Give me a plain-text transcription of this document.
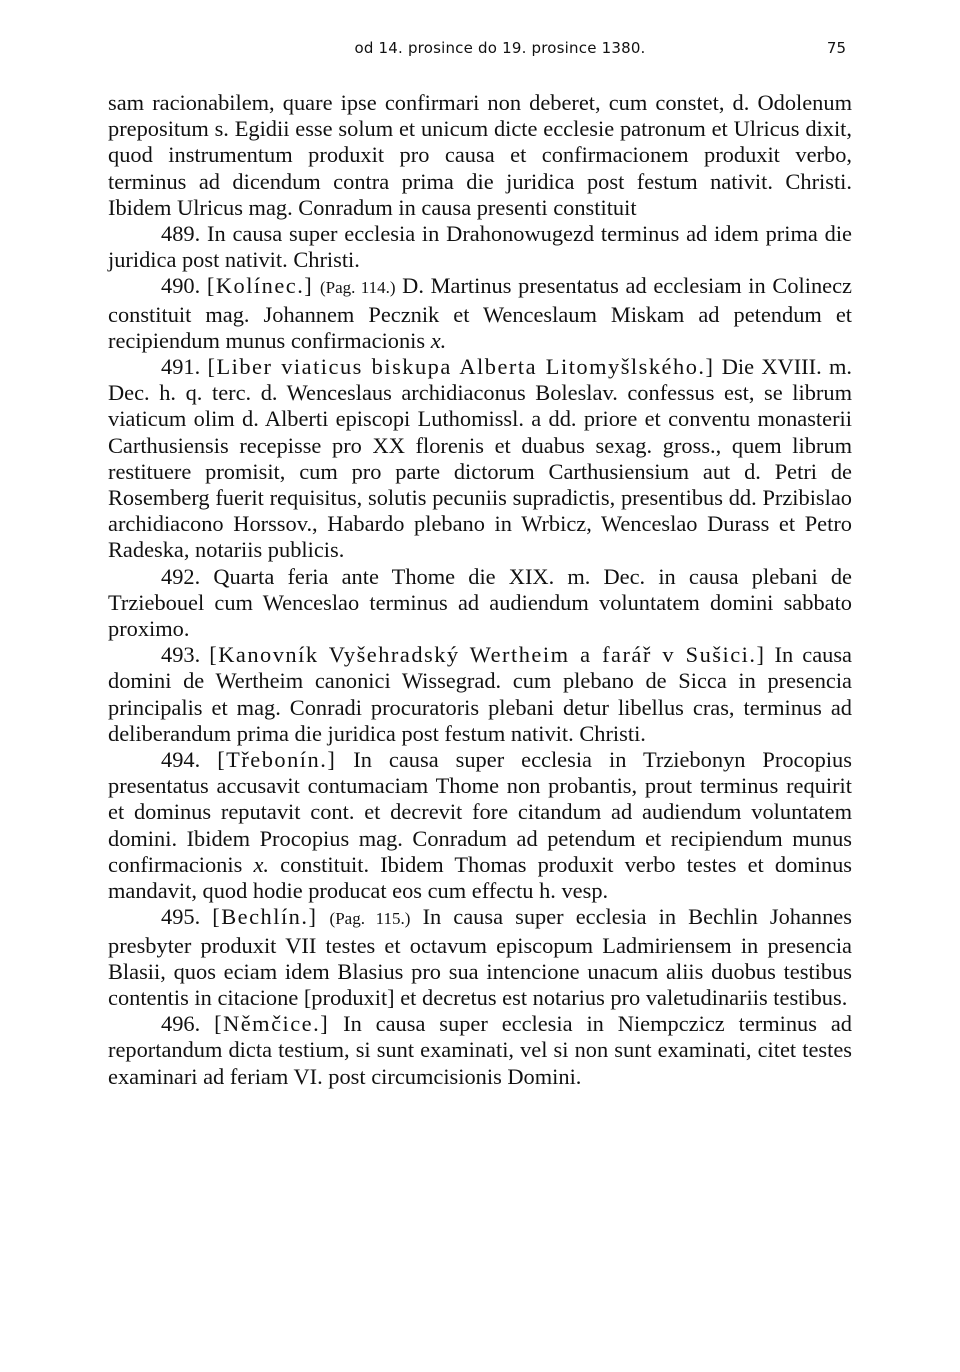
od 14. prosince do 19. prosince 1380.	75

sam racionabilem, quare ipse confirmari non deberet, cum constet, d. Odolenum prepositum s. Egidii esse solum et unicum dicte ecclesie patronum et Ulricus dixit, quod instrumentum produxit pro causa et confirmacionem produxit verbo, terminus ad dicendum contra prima die juridica post festum nativit. Christi. Ibidem Ulricus mag. Conradum in causa presenti constituit

489. In causa super ecclesia in Drahonowugezd terminus ad idem prima die juridica post nativit. Christi.

490. [Kolínec.] (Pag. 114.) D. Martinus presentatus ad ecclesiam in Colinecz constituit mag. Johannem Pecznik et Wenceslaum Miskam ad petendum et recipiendum munus confirmacionis x.

491. [Liber viaticus biskupa Alberta Litomyšlského.] Die XVIII. m. Dec. h. q. terc. d. Wenceslaus archidiaconus Boleslav. confessus est, se librum viaticum olim d. Alberti episcopi Luthomissl. a dd. priore et conventu monasterii Carthusiensis recepisse pro XX florenis et duabus sexag. gross., quem librum restituere promisit, cum pro parte dictorum Carthusiensium aut d. Petri de Rosemberg fuerit requisitus, solutis pecuniis supradictis, presentibus dd. Przibislao archidiacono Horssov., Habardo plebano in Wrbicz, Wenceslao Durass et Petro Radeska, notariis publicis.

492. Quarta feria ante Thome die XIX. m. Dec. in causa plebani de Trziebouel cum Wenceslao terminus ad audiendum voluntatem domini sabbato proximo.

493. [Kanovník Vyšehradský Wertheim a farář v Sušici.] In causa domini de Wertheim canonici Wissegrad. cum plebano de Sicca in presencia principalis et mag. Conradi procuratoris plebani detur libellus cras, terminus ad deliberandum prima die juridica post festum nativit. Christi.

494. [Třebonín.] In causa super ecclesia in Trziebonyn Procopius presentatus accusavit contumaciam Thome non probantis, prout terminus requirit et dominus reputavit cont. et decrevit fore citandum ad audiendum voluntatem domini. Ibidem Procopius mag. Conradum ad petendum et recipiendum munus confirmacionis x. constituit. Ibidem Thomas produxit verbo testes et dominus mandavit, quod hodie producat eos cum effectu h. vesp.

495. [Bechlín.] (Pag. 115.) In causa super ecclesia in Bechlin Johannes presbyter produxit VII testes et octavum episcopum Ladmiriensem in presencia Blasii, quos eciam idem Blasius pro sua intencione unacum aliis duobus testibus contentis in citacione [produxit] et decretus est notarius pro valetudinariis testibus.

496. [Němčice.] In causa super ecclesia in Niempczicz terminus ad reportandum dicta testium, si sunt examinati, vel si non sunt examinati, citet testes examinari ad feriam VI. post circumcisionis Domini.
